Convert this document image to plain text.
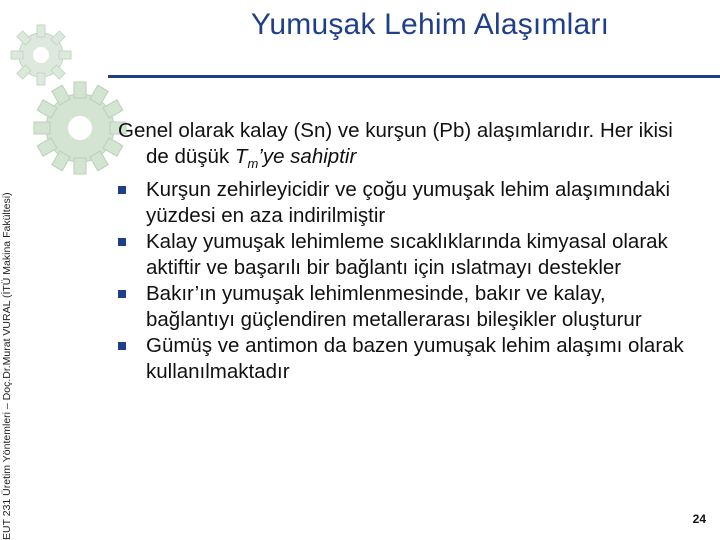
EUT 231 Üretim Yöntemleri – Doç.Dr.Murat VURAL (İTÜ Makina Fakültesi)
Yumuşak Lehim Alaşımları

Genel olarak kalay (Sn) ve kurşun (Pb) alaşımlarıdır. Her ikisi de düşük $T_m’ye$ sahiptir

Kurşun zehirleyicidir ve çoğu yumuşak lehim alaşımındaki yüzdesi en aza indirilmiştir

Kalay yumuşak lehimleme sıcaklıklarında kimyasal olarak aktiftir ve başarılı bir bağlantı için ıslatmayı destekler

Bakır’ın yumuşak lehimlenmesinde, bakır ve kalay, bağlantıyı güçlendiren metallerarası bileşikler oluşturur

Gümüş ve antimon da bazen yumuşak lehim alaşımı olarak kullanılmaktadır

24
